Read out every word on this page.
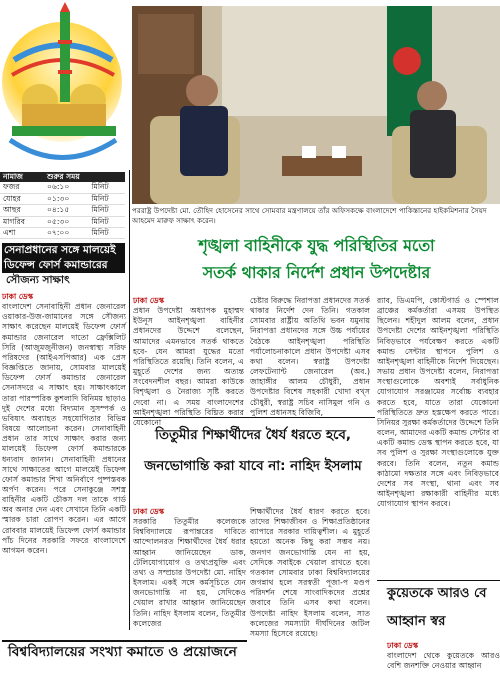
নামাজ	শুরুর সময়	
ফজর	০৬:১০	মিনিট
যোহর	০১:৩০	মিনিট
আছর	০৪:১৫	মিনিট
মাগরিব	০৫:৩০	মিনিট
এশা	০৭:০০	মিনিট
সেনাপ্রধানের সঙ্গে মালয়েই
ডিফেন্স ফোর্স কমান্ডারের
সৌজন্য সাক্ষাৎ
ঢাকা ডেস্ক
বাংলাদেশ সেনাবাহিনী প্রধান জেনারেল ওয়াকার-উজ-জামানের সঙ্গে সৌজন্য সাক্ষাৎ করেছেন মালয়েই ডিফেন্স ফোর্স কমান্ডার জেনারেল দাতো ফ্রেক্সিলিট সিরি (আজুমজুনীজন) জনস্বাস্থ্য সরিফ পরিষদের (আইএসপিআর) এক প্রেস বিজ্ঞপ্তিতে জানায়, সোমবার মালয়েই ডিফেন্স ফোর্স কমান্ডার জেনারেল সেনাসদরে এ সাক্ষাৎ হয়। সাক্ষাৎকালে তারা পারস্পরিক কুশলাদি বিনিময় ছাড়াও দুই দেশের মধ্যে বিদ্যমান সুসম্পর্ক ও ভবিষ্যৎ অব্যাহত সহযোগিতার বিভিন্ন বিষয়ে আলোচনা করেন। সেনাবাহিনী প্রধান তার সাথে সাক্ষাৎ করার জন্য মালয়েই ডিফেন্স ফোর্স কমান্ডারকে ধন্যবাদ জানান। সেনাবাহিনী প্রধানের সাথে সাক্ষাতের আগে মালয়েই ডিফেন্স ফোর্স কমান্ডার শিখা অনির্বাণে পুষ্পস্তবক অর্পণ করেন। পরে সেনাকুঞ্জে সশস্ত্র বাহিনীর একটি চৌকস দল তাকে গার্ড অব অনার দেন এবং সেখানে তিনি একটি স্মারক চারা রোপণ করেন। এর আগে রোববার মালয়েই ডিফেন্স ফোর্স কমান্ডার পাঁচ দিনের সরকারি সফরে বাংলাদেশে আগমন করেন।
পররাষ্ট্র উপদেষ্টা মো. তৌহিদ হোসেনের সাথে সোমবার মন্ত্রণালয়ে তাঁর অফিসকক্ষে বাংলাদেশে পাকিস্তানের হাইকমিশনার সৈয়দ আহমেদ মারুফ সাক্ষাৎ করেন।
শৃঙ্খলা বাহিনীকে যুদ্ধ পরিস্থিতির মতো
সতর্ক থাকার নির্দেশ প্রধান উপদেষ্টার
ঢাকা ডেস্ক
প্রধান উপদেষ্টা অধ্যাপক মুহাম্মদ ইউনূস আইনশৃঙ্খলা বাহিনীর প্রধানদের উদ্দেশে বলেছেন, আমাদের এমনভাবে সতর্ক থাকতে হবে- যেন আমরা যুদ্ধের মতো পরিস্থিতিতে রয়েছি। তিনি বলেন, এ মুহূর্তে দেশের জন্য অত্যন্ত সংবেদনশীল বছর। আমরা কাউকে বিশৃঙ্খলা ও নৈরাজ্য সৃষ্টি করতে দেবো না। এ সময় বাংলাদেশের আইনশৃঙ্খলা পরিস্থিতি বিঘ্নিত করার যেকোনো
চেষ্টার বিরুদ্ধে নিরাপত্তা প্রধানদের সতর্ক থাকার নির্দেশ দেন তিনি। গতকাল সোমবার রাষ্ট্রীয় অতিথি ভবন যমুনায় নিরাপত্তা প্রধানদের সঙ্গে উচ্চ পর্যায়ের বৈঠকে আইনশৃঙ্খলা পরিস্থিতি পর্যালোচনাকালে প্রধান উপদেষ্টা এসব কথা বলেন। স্বরাষ্ট্র উপদেষ্টা লেফটেন্যান্ট জেনারেল (অব.) জাহাঙ্গীর আলম চৌধুরী, প্রধান উপদেষ্টার বিশেষ সহকারী খোদা বখ্‌স চৌধুরী, স্বরাষ্ট্র সচিব নাসিমুল গনি ও পুলিশ প্রধানসহ বিজিবি,
র‍্যাব, ডিএমপি, কোস্টগার্ড ও স্পেশাল ব্রাঞ্চের কর্মকর্তারা এসময় উপস্থিত ছিলেন। শহীদুল আলম বলেন, প্রধান উপদেষ্টা দেশের আইনশৃঙ্খলা পরিস্থিতি নিবিড়ভাবে পর্যবেক্ষণ করতে একটি কমান্ড সেন্টার স্থাপনে পুলিশ ও আইনশৃঙ্খলা বাহিনীকে নির্দেশ দিয়েছেন। সভায় প্রধান উপদেষ্টা বলেন, নিরাপত্তা সংস্থাগুলোকে অবশ্যই সর্বাধুনিক যোগাযোগ সরঞ্জামের সর্বোচ্চ ব্যবহার করতে হবে, যাতে তারা যেকোনো পরিস্থিতিতে দ্রুত হস্তক্ষেপ করতে পারে। সিনিয়র সুরক্ষা কর্মকর্তাদের উদ্দেশে তিনি বলেন, আমাদের একটি কমান্ড সেন্টার বা একটি কমান্ড ডেস্ক স্থাপন করতে হবে, যা সব পুলিশ ও সুরক্ষা সংস্থাগুলোকে যুক্ত করবে। তিনি বলেন, নতুন কমান্ড কাঠামো দক্ষতার সঙ্গে এবং নিবিড়ভাবে দেশের সব সংস্থা, থানা এবং সব আইনশৃঙ্খলা রক্ষাকারী বাহিনীর মধ্যে যোগাযোগ স্থাপন করবে।
তিতুমীর শিক্ষার্থীদের ধৈর্য ধরতে হবে,
জনভোগান্তি করা যাবে না: নাহিদ ইসলাম
ঢাকা ডেস্ক
সরকারি তিতুমীর কলেজকে বিশ্ববিদ্যালয়ে রূপান্তরের দাবিতে আন্দোলনরত শিক্ষার্থীদের ধৈর্য ধরার আহ্বান জানিয়েছেন ডাক, টেলিযোগাযোগ ও তথ্যপ্রযুক্তি এবং তথ্য ও সম্প্রচার উপদেষ্টা মো. নাহিদ ইসলাম। একই সঙ্গে কর্মসূচিতে যেন জনভোগান্তি না হয়, সেদিকেও খেয়াল রাখার আহ্বান জানিয়েছেন তিনি। নাহিদ ইসলাম বলেন, তিতুমীর কলেজের
শিক্ষার্থীদের ধৈর্য ধারণ করতে হবে। তাদের শিক্ষাজীবন ও শিক্ষাপ্রতিষ্ঠানের ব্যাপারে সরকার দায়িত্বশীল। এ মুহূর্তে হয়তো অনেক কিছু করা সম্ভব নয়। জনগণ জনভোগান্তি যেন না হয়, সেদিকে সবাইকে খেয়াল রাখতে হবে। গতকাল সোমবার ঢাকা বিশ্ববিদ্যালয়ের জগন্নাথ হলে সরস্বতী পূজা-প মণ্ডপ পরিদর্শন শেষে সাংবাদিকদের প্রশ্নের জবাবে তিনি এসব কথা বলেন। উপদেষ্টা নাহিদ ইসলাম বলেন, সাত কলেজের সমস্যাটা দীর্ঘদিনের জটিল সমস্যা হিসেবে রয়েছে।
কুয়েতকে আরও বে
আহ্বান স্বর
ঢাকা ডেস্ক
বাংলাদেশ থেকে কুয়েতকে আরও বেশি জনশক্তি নেওয়ার আহ্বান
বিশ্ববিদ্যালয়ের সংখ্যা কমাতে ও প্রয়োজনে
